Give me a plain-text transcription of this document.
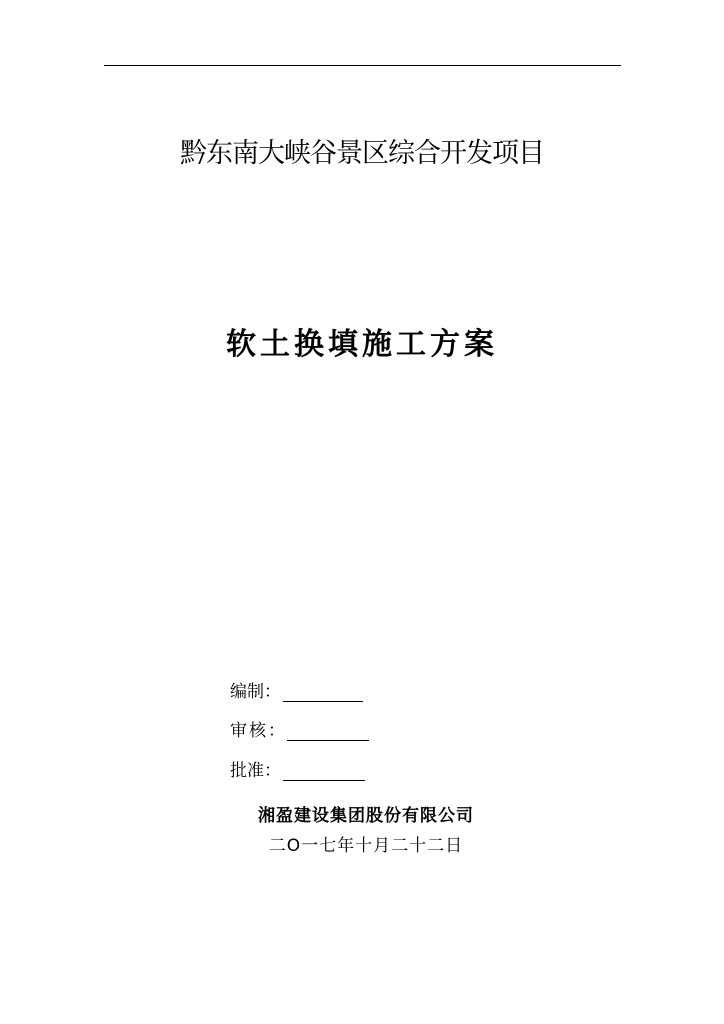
黔东南大峡谷景区综合开发项目
软土换填施工方案
编制：
审核：
批准：
湘盈建设集团股份有限公司
二O一七年十月二十二日
